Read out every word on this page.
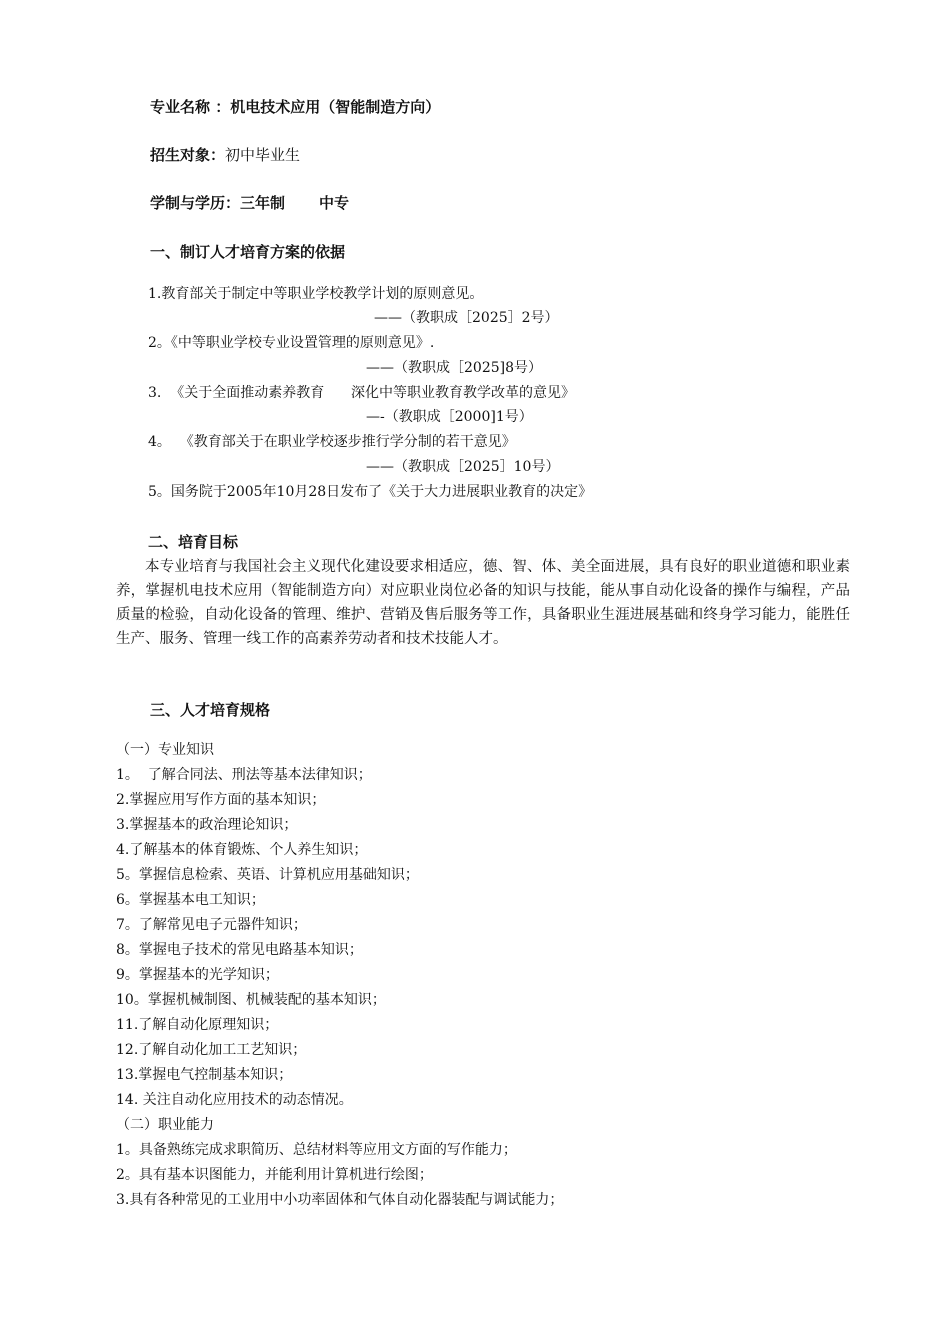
专业名称 ：机电技术应用（智能制造方向）
招生对象：初中毕业生
学制与学历：三年制 中专
一、制订人才培育方案的依据
1.教育部关于制定中等职业学校教学计划的原则意见。
——（教职成［2025］2号）
2。《中等职业学校专业设置管理的原则意见》.
——（教职成［2025]8号）
3.  《关于全面推动素养教育      深化中等职业教育教学改革的意见》
—-（教职成［2000]1号）
4。  《教育部关于在职业学校逐步推行学分制的若干意见》
——（教职成［2025］10号）
5。国务院于2005年10月28日发布了《关于大力进展职业教育的决定》
二、培育目标

本专业培育与我国社会主义现代化建设要求相适应，德、智、体、美全面进展，具有良好的职业道德和职业素养，掌握机电技术应用（智能制造方向）对应职业岗位必备的知识与技能，能从事自动化设备的操作与编程，产品质量的检验，自动化设备的管理、维护、营销及售后服务等工作，具备职业生涯进展基础和终身学习能力，能胜任生产、服务、管理一线工作的高素养劳动者和技术技能人才。

三、人才培育规格
（一）专业知识
1。  了解合同法、刑法等基本法律知识；
2.掌握应用写作方面的基本知识；
3.掌握基本的政治理论知识；
4.了解基本的体育锻炼、个人养生知识；
5。掌握信息检索、英语、计算机应用基础知识；
6。掌握基本电工知识；
7。了解常见电子元器件知识；
8。掌握电子技术的常见电路基本知识；
9。掌握基本的光学知识；
10。掌握机械制图、机械装配的基本知识；
11.了解自动化原理知识；
12.了解自动化加工工艺知识；
13.掌握电气控制基本知识；
14. 关注自动化应用技术的动态情况。
（二）职业能力
1。具备熟练完成求职简历、总结材料等应用文方面的写作能力；
2。具有基本识图能力，并能利用计算机进行绘图；
3.具有各种常见的工业用中小功率固体和气体自动化器装配与调试能力；
